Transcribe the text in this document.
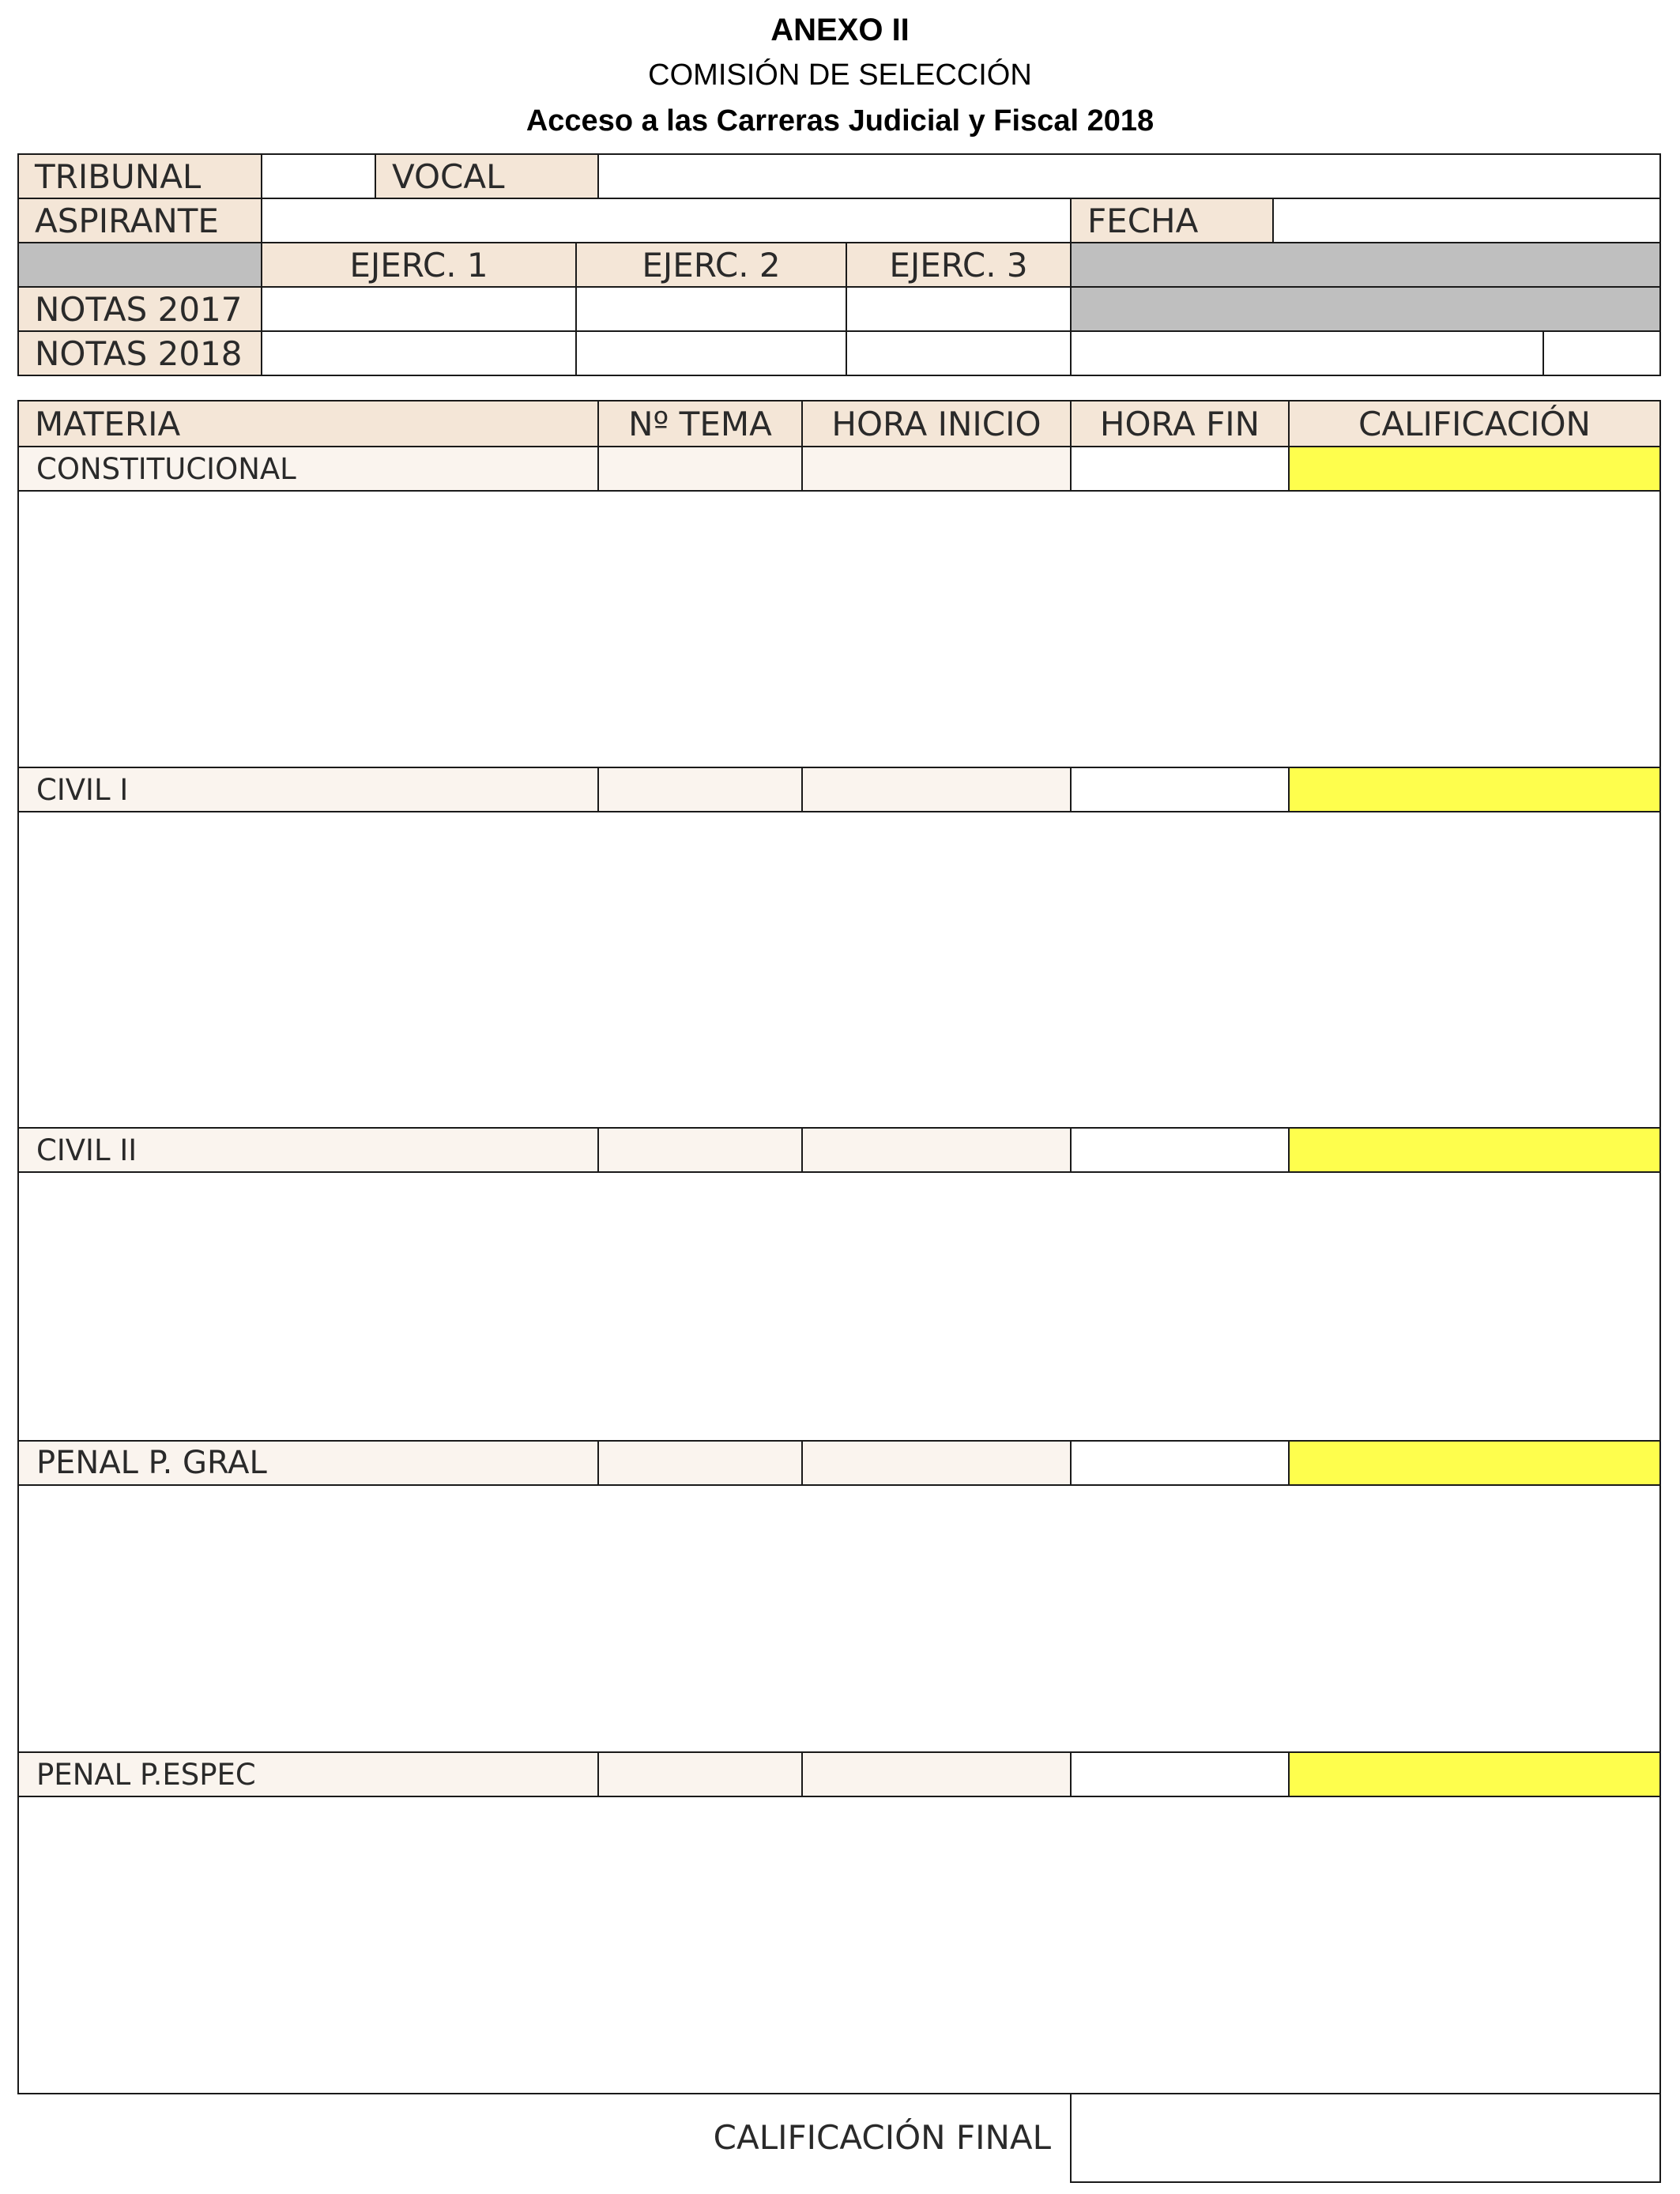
ANEXO II
COMISIÓN DE SELECCIÓN
Acceso a las Carreras Judicial y Fiscal 2018
TRIBUNAL	VOCAL
ASPIRANTE	FECHA
EJERC. 1	EJERC. 2	EJERC. 3
NOTAS 2017
NOTAS 2018
MATERIA	Nº TEMA	HORA INICIO	HORA FIN	CALIFICACIÓN
CONSTITUCIONAL
CIVIL I
CIVIL II
PENAL P. GRAL
PENAL P.ESPEC
CALIFICACIÓN FINAL
